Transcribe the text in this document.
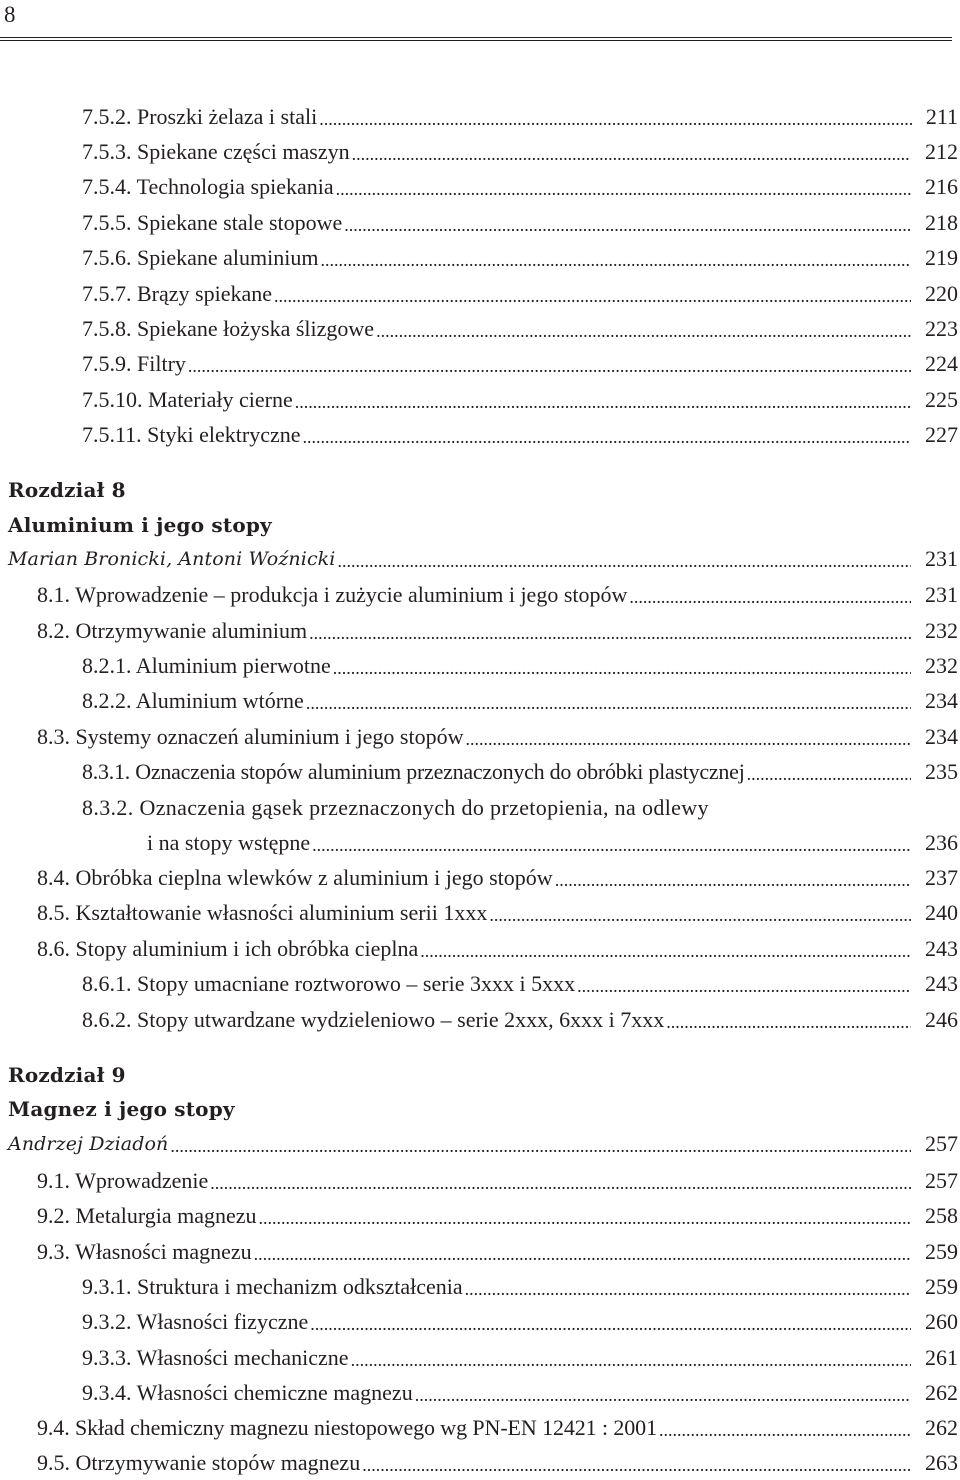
8
7.5.2. Proszki żelaza i stali .....	211
7.5.3. Spiekane części maszyn .....	212
7.5.4. Technologia spiekania .....	216
7.5.5. Spiekane stale stopowe .....	218
7.5.6. Spiekane aluminium .....	219
7.5.7. Brązy spiekane .....	220
7.5.8. Spiekane łożyska ślizgowe .....	223
7.5.9. Filtry .....	224
7.5.10. Materiały cierne .....	225
7.5.11. Styki elektryczne .....	227
Rozdział 8
Aluminium i jego stopy
Marian Bronicki, Antoni Woźnicki .....	231
8.1. Wprowadzenie – produkcja i zużycie aluminium i jego stopów .....	231
8.2. Otrzymywanie aluminium .....	232
8.2.1. Aluminium pierwotne .....	232
8.2.2. Aluminium wtórne .....	234
8.3. Systemy oznaczeń aluminium i jego stopów .....	234
8.3.1. Oznaczenia stopów aluminium przeznaczonych do obróbki plastycznej .....	235
8.3.2. Oznaczenia gąsek przeznaczonych do przetopienia, na odlewy
i na stopy wstępne .....	236
8.4. Obróbka cieplna wlewków z aluminium i jego stopów .....	237
8.5. Kształtowanie własności aluminium serii 1xxx .....	240
8.6. Stopy aluminium i ich obróbka cieplna .....	243
8.6.1. Stopy umacniane roztworowo – serie 3xxx i 5xxx .....	243
8.6.2. Stopy utwardzane wydzieleniowo – serie 2xxx, 6xxx i 7xxx .....	246
Rozdział 9
Magnez i jego stopy
Andrzej Dziadoń .....	257
9.1. Wprowadzenie .....	257
9.2. Metalurgia magnezu .....	258
9.3. Własności magnezu .....	259
9.3.1. Struktura i mechanizm odkształcenia .....	259
9.3.2. Własności fizyczne .....	260
9.3.3. Własności mechaniczne .....	261
9.3.4. Własności chemiczne magnezu .....	262
9.4. Skład chemiczny magnezu niestopowego wg PN-EN 12421 : 2001 .....	262
9.5. Otrzymywanie stopów magnezu .....	263
